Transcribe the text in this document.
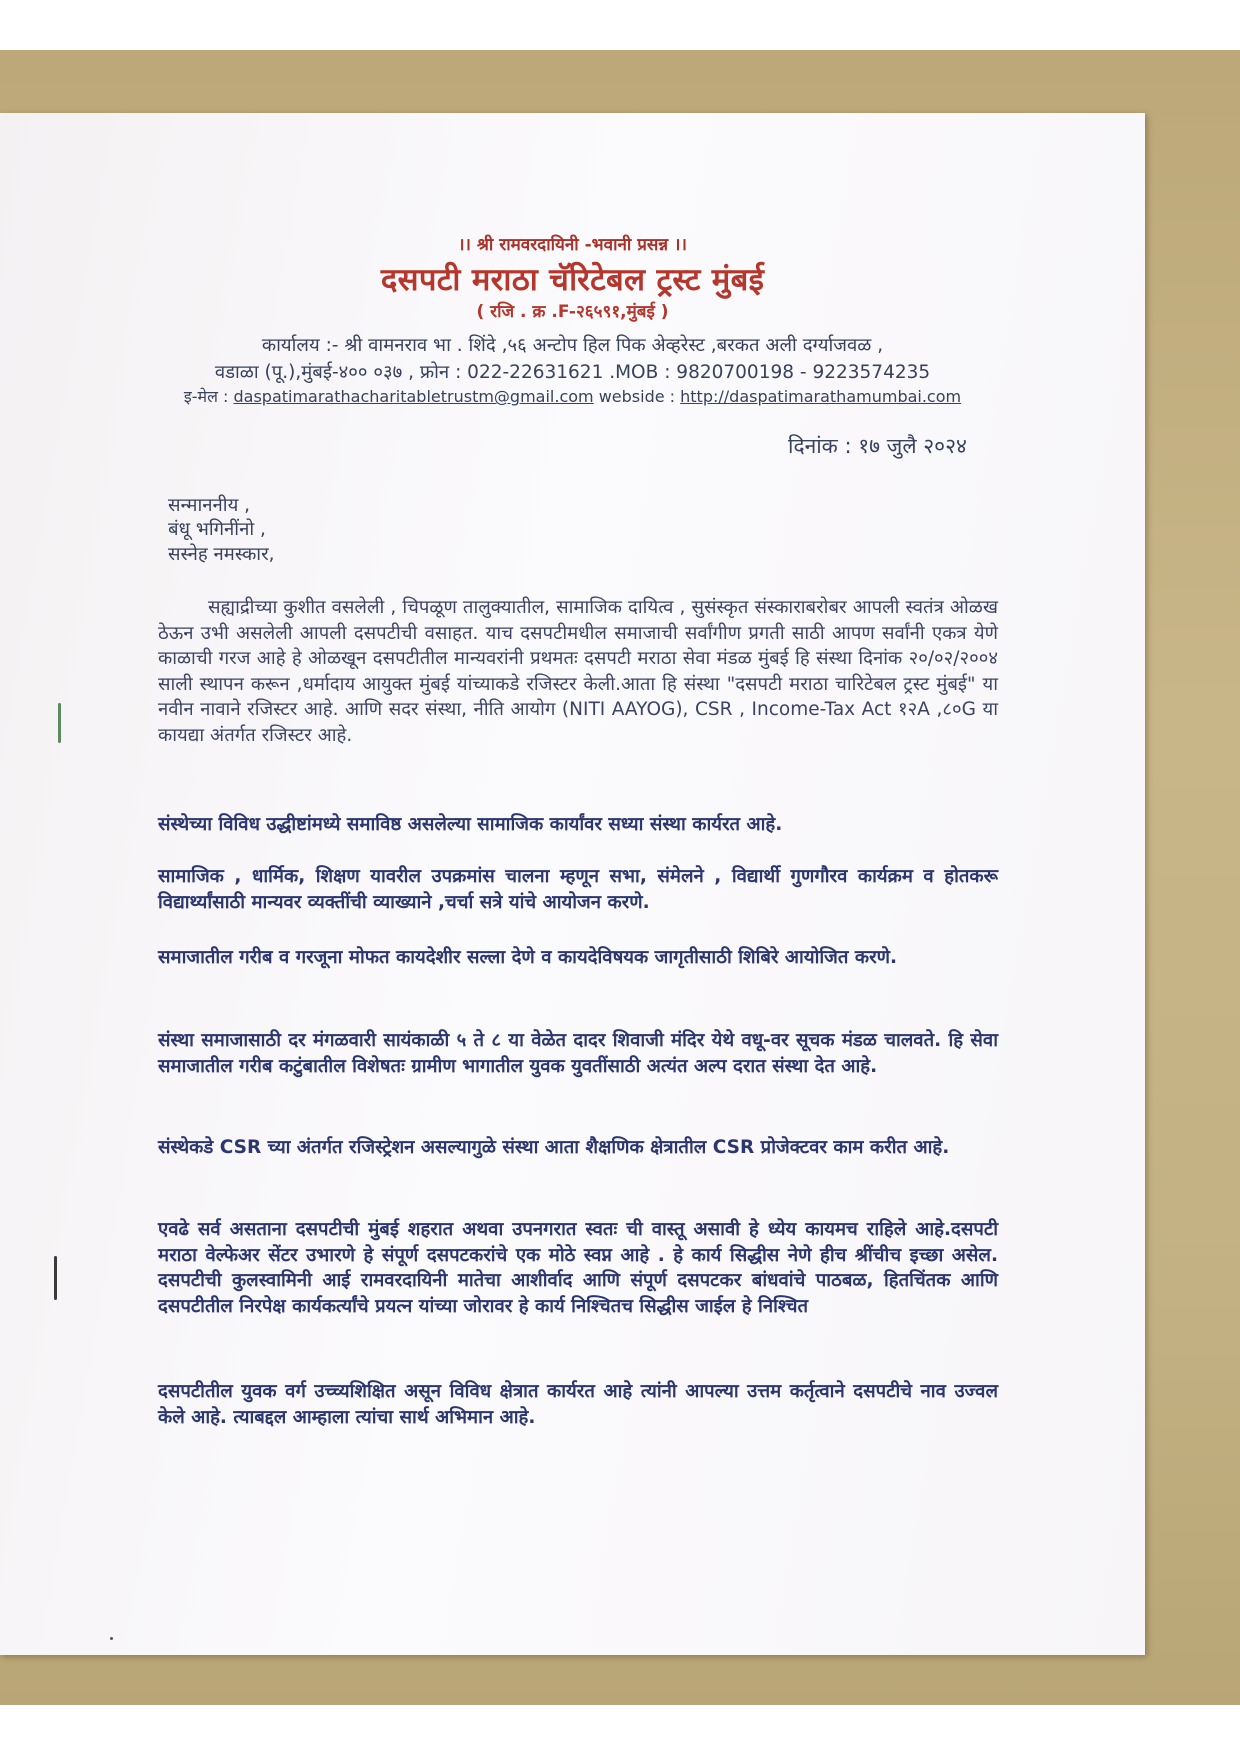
।। श्री रामवरदायिनी -भवानी प्रसन्न ।।

दसपटी मराठा चॅरिटेबल ट्रस्ट मुंबई

( रजि . क्र .F-२६५९१,मुंबई )

कार्यालय :- श्री वामनराव भा . शिंदे ,५६ अन्टोप हिल पिक अेव्हरेस्ट ,बरकत अली दर्ग्याजवळ ,

वडाळा (पू.),मुंबई-४०० ०३७ , फ्रोन : 022-22631621 .MOB : 9820700198 - 9223574235

इ-मेल : daspatimarathacharitabletrustm@gmail.com webside : http://daspatimarathamumbai.com

दिनांक : १७ जुलै २०२४
सन्माननीय ,
बंधू भगिनींनो ,
सस्नेह नमस्कार,

सह्याद्रीच्या कुशीत वसलेली , चिपळूण तालुक्यातील, सामाजिक दायित्व , सुसंस्कृत संस्काराबरोबर आपली स्वतंत्र ओळख ठेऊन उभी असलेली आपली दसपटीची वसाहत. याच दसपटीमधील समाजाची सर्वांगीण प्रगती साठी आपण सर्वांनी एकत्र येणे काळाची गरज आहे हे ओळखून दसपटीतील मान्यवरांनी प्रथमतः दसपटी मराठा सेवा मंडळ मुंबई हि संस्था दिनांक २०/०२/२००४ साली स्थापन करून ,धर्मादाय आयुक्त मुंबई यांच्याकडे रजिस्टर केली.आता हि संस्था "दसपटी मराठा चारिटेबल ट्रस्ट मुंबई" या नवीन नावाने रजिस्टर आहे. आणि सदर संस्था, नीति आयोग (NITI AAYOG), CSR , Income-Tax Act १२A ,८०G या कायद्या अंतर्गत रजिस्टर आहे.

संस्थेच्या विविध उद्धीष्टांमध्ये समाविष्ठ असलेल्या सामाजिक कार्यांवर सध्या संस्था कार्यरत आहे.

सामाजिक , धार्मिक, शिक्षण यावरील उपक्रमांस चालना म्हणून सभा, संमेलने , विद्यार्थी गुणगौरव कार्यक्रम व होतकरू विद्यार्थ्यांसाठी मान्यवर व्यक्तींची व्याख्याने ,चर्चा सत्रे यांचे आयोजन करणे.

समाजातील गरीब व गरजूना मोफत कायदेशीर सल्ला देणे व कायदेविषयक जागृतीसाठी शिबिरे आयोजित करणे.

संस्था समाजासाठी दर मंगळवारी सायंकाळी ५ ते ८ या वेळेत दादर शिवाजी मंदिर येथे वधू-वर सूचक मंडळ चालवते. हि सेवा समाजातील गरीब कटुंबातील विशेषतः ग्रामीण भागातील युवक युवतींसाठी अत्यंत अल्प दरात संस्था देत आहे.

संस्थेकडे CSR च्या अंतर्गत रजिस्ट्रेशन असल्यागुळे संस्था आता शैक्षणिक क्षेत्रातील CSR प्रोजेक्टवर काम करीत आहे.

एवढे सर्व असताना दसपटीची मुंबई शहरात अथवा उपनगरात स्वतः ची वास्तू असावी हे ध्येय कायमच राहिले आहे.दसपटी मराठा वेल्फेअर सेंटर उभारणे हे संपूर्ण दसपटकरांचे एक मोठे स्वप्न आहे . हे कार्य सिद्धीस नेणे हीच श्रींचीच इच्छा असेल. दसपटीची कुलस्वामिनी आई रामवरदायिनी मातेचा आशीर्वाद आणि संपूर्ण दसपटकर बांधवांचे पाठबळ, हितचिंतक आणि दसपटीतील निरपेक्ष कार्यकर्त्यांचे प्रयत्न यांच्या जोरावर हे कार्य निश्चितच सिद्धीस जाईल हे निश्चित

दसपटीतील युवक वर्ग उच्च्यशिक्षित असून विविध क्षेत्रात कार्यरत आहे त्यांनी आपल्या उत्तम कर्तृत्वाने दसपटीचे नाव उज्वल केले आहे. त्याबद्दल आम्हाला त्यांचा सार्थ अभिमान आहे.
